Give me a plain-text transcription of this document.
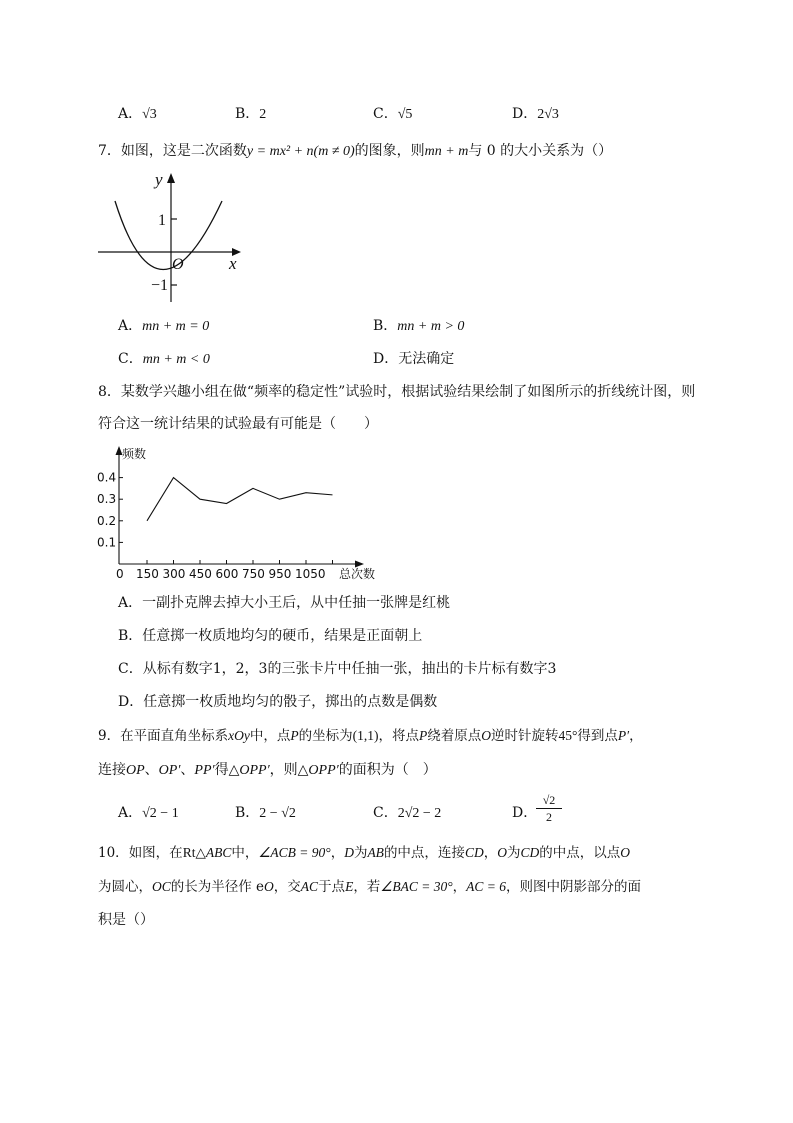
A．√3	B．2	C．√5	D．2√3
7．如图，这是二次函数y = mx² + n(m ≠ 0)的图象，则mn + m与 0 的大小关系为（）
y
x
O
1
−1
A．mn + m = 0	B．mn + m > 0
C．mn + m < 0	D．无法确定
8．某数学兴趣小组在做“频率的稳定性”试验时，根据试验结果绘制了如图所示的折线统计图，则
符合这一统计结果的试验最有可能是（　　）
频数
总次数
0
0.1
0.2
0.3
0.4
150 300 450 600 750 950 1050
A．一副扑克牌去掉大小王后，从中任抽一张牌是红桃
B．任意掷一枚质地均匀的硬币，结果是正面朝上
C．从标有数字1，2，3的三张卡片中任抽一张，抽出的卡片标有数字3
D．任意掷一枚质地均匀的骰子，掷出的点数是偶数
9．在平面直角坐标系xOy中，点P的坐标为(1,1)，将点P绕着原点O逆时针旋转45°得到点P′，
连接OP、OP′、PP′得△OPP′，则△OPP′的面积为（　）
A．√2 − 1	B．2 − √2	C．2√2 − 2	D．
$\frac{√2}{2}$
10．如图，在Rt△ABC中，∠ACB = 90°，D为AB的中点，连接CD，O为CD的中点，以点O
为圆心，OC的长为半径作 eO，交AC于点E，若∠BAC = 30°，AC = 6，则图中阴影部分的面
积是（）
